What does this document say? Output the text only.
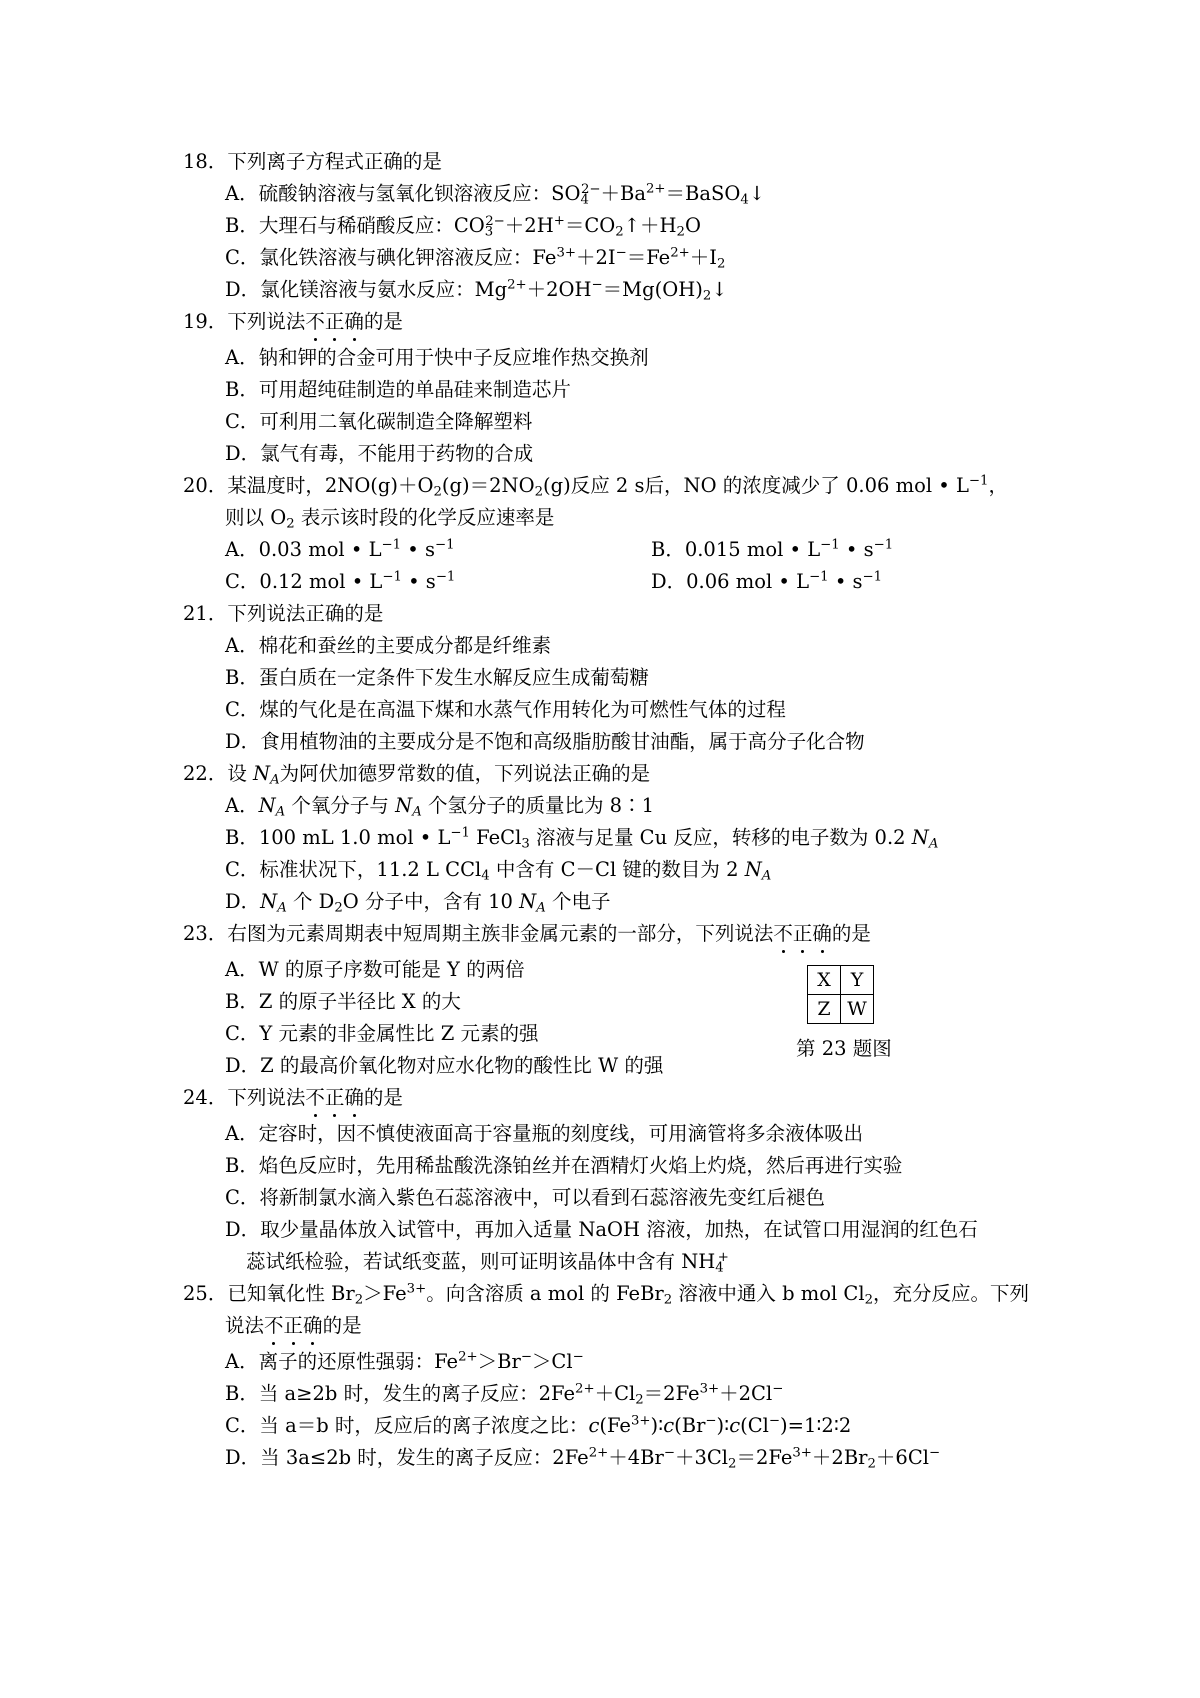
18．下列离子方程式正确的是
A．硫酸钠溶液与氢氧化钡溶液反应：$SO_4^{2-}+Ba^{2+}=BaSO_4↓$
B．大理石与稀硝酸反应：$CO_3^{2-}+2H^+=CO_2↑+H_2O$
C．氯化铁溶液与碘化钾溶液反应：$Fe^{3+}+2I^-=Fe^{2+}+I_2$
D．氯化镁溶液与氨水反应：$Mg^{2+}+2OH^-=Mg(OH)_2↓$
19．下列说法不正确的是
A．钠和钾的合金可用于快中子反应堆作热交换剂
B．可用超纯硅制造的单晶硅来制造芯片
C．可利用二氧化碳制造全降解塑料
D．氯气有毒，不能用于药物的合成
20．某温度时，$2NO(g)+O_2(g)=2NO_2(g)$反应 2 s后，NO 的浓度减少了 0.06 mol • $L^{-1}$，
则以 $O_2$ 表示该时段的化学反应速率是
A．0.03 mol • $L^{-1}$ • $s^{-1}$	B．0.015 mol • $L^{-1}$ • $s^{-1}$
C．0.12 mol • $L^{-1}$ • $s^{-1}$	D．0.06 mol • $L^{-1}$ • $s^{-1}$
21．下列说法正确的是
A．棉花和蚕丝的主要成分都是纤维素
B．蛋白质在一定条件下发生水解反应生成葡萄糖
C．煤的气化是在高温下煤和水蒸气作用转化为可燃性气体的过程
D．食用植物油的主要成分是不饱和高级脂肪酸甘油酯，属于高分子化合物
22．设 $N_A$为阿伏加德罗常数的值，下列说法正确的是
A．$N_A$ 个氧分子与 $N_A$ 个氢分子的质量比为 8∶1
B．100 mL 1.0 mol • $L^{-1}$ FeCl$_3$ 溶液与足量 Cu 反应，转移的电子数为 0.2 $N_A$
C．标准状况下，11.2 L CCl$_4$ 中含有 C－Cl 键的数目为 2 $N_A$
D．$N_A$ 个 $D_2O$ 分子中，含有 10 $N_A$ 个电子
23．右图为元素周期表中短周期主族非金属元素的一部分，下列说法不正确的是
A．W 的原子序数可能是 Y 的两倍
B．Z 的原子半径比 X 的大
C．Y 元素的非金属性比 Z 元素的强
D．Z 的最高价氧化物对应水化物的酸性比 W 的强
X	Y
Z	W
第 23 题图
24．下列说法不正确的是
A．定容时，因不慎使液面高于容量瓶的刻度线，可用滴管将多余液体吸出
B．焰色反应时，先用稀盐酸洗涤铂丝并在酒精灯火焰上灼烧，然后再进行实验
C．将新制氯水滴入紫色石蕊溶液中，可以看到石蕊溶液先变红后褪色
D．取少量晶体放入试管中，再加入适量 NaOH 溶液，加热，在试管口用湿润的红色石
蕊试纸检验，若试纸变蓝，则可证明该晶体中含有 $NH_4^+$
25．已知氧化性 $Br_2>Fe^{3+}$。向含溶质 a mol 的 FeBr$_2$ 溶液中通入 b mol $Cl_2$，充分反应。下列
说法不正确的是
A．离子的还原性强弱：$Fe^{2+}>Br^->Cl^-$
B．当 a≥2b 时，发生的离子反应：$2Fe^{2+}+Cl_2=2Fe^{3+}+2Cl^-$
C．当 a＝b 时，反应后的离子浓度之比：$c(Fe^{3+})∶c(Br^-)∶c(Cl^-)=1∶2∶2$
D．当 3a≤2b 时，发生的离子反应：$2Fe^{2+}+4Br^-+3Cl_2=2Fe^{3+}+2Br_2+6Cl^-$
